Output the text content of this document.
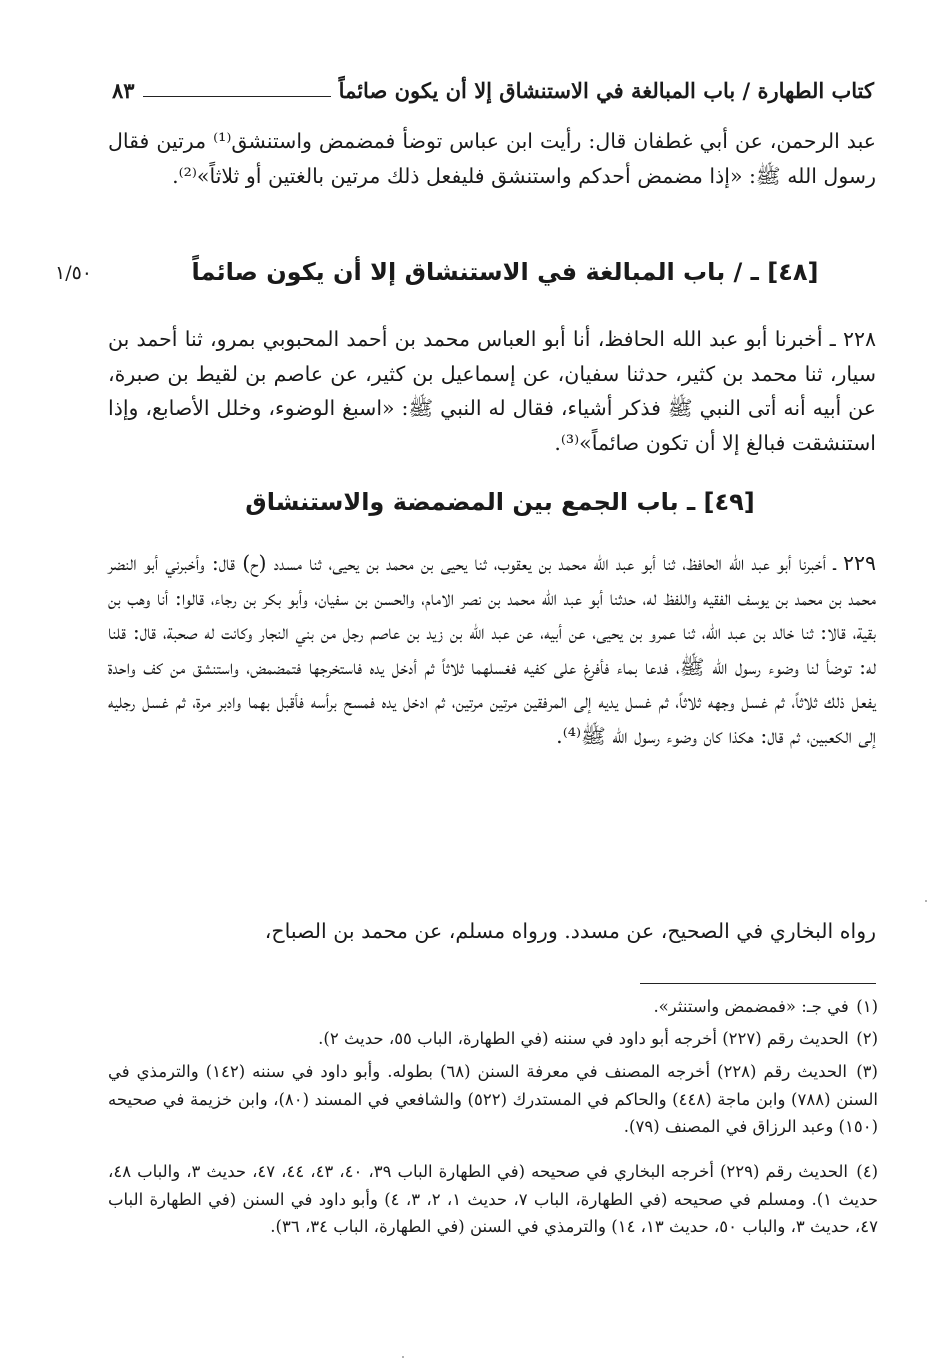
كتاب الطهارة / باب المبالغة في الاستنشاق إلا أن يكون صائماً
٨٣

عبد الرحمن، عن أبي غطفان قال: رأيت ابن عباس توضأ فمضمض واستنشق⁽¹⁾ مرتين فقال رسول الله ﷺ: «إذا مضمض أحدكم واستنشق فليفعل ذلك مرتين بالغتين أو ثلاثاً»⁽²⁾.

١/٥٠	[٤٨] ـ / باب المبالغة في الاستنشاق إلا أن يكون صائماً

٢٢٨ ـ أخبرنا أبو عبد الله الحافظ، أنا أبو العباس محمد بن أحمد المحبوبي بمرو، ثنا أحمد بن سيار، ثنا محمد بن كثير، حدثنا سفيان، عن إسماعيل بن كثير، عن عاصم بن لقيط بن صبرة، عن أبيه أنه أتى النبي ﷺ فذكر أشياء، فقال له النبي ﷺ: «اسبغ الوضوء، وخلل الأصابع، وإذا استنشقت فبالغ إلا أن تكون صائماً»⁽³⁾.

[٤٩] ـ باب الجمع بين المضمضة والاستنشاق

٢٢٩ ـ أخبرنا أبو عبد الله الحافظ، ثنا أبو عبد الله محمد بن يعقوب، ثنا يحيى بن محمد بن يحيى، ثنا مسدد (ح) قال: وأخبرني أبو النضر محمد بن محمد بن يوسف الفقيه واللفظ له، حدثنا أبو عبد الله محمد بن نصر الامام، والحسن بن سفيان، وأبو بكر بن رجاء، قالوا: أنا وهب بن بقية، قالا: ثنا خالد بن عبد الله، ثنا عمرو بن يحيى، عن أبيه، عن عبد الله بن زيد بن عاصم رجل من بني النجار وكانت له صحبة، قال: قلنا له: توضأ لنا وضوء رسول الله ﷺ، فدعا بماء فأفرغ على كفيه فغسلهما ثلاثاً ثم أدخل يده فاستخرجها فتمضمض، واستنشق من كف واحدة يفعل ذلك ثلاثاً، ثم غسل وجهه ثلاثاً، ثم غسل يديه إلى المرفقين مرتين مرتين، ثم ادخل يده فمسح برأسه فأقبل بهما وادبر مرة، ثم غسل رجليه إلى الكعبين، ثم قال: هكذا كان وضوء رسول الله ﷺ⁽⁴⁾.

رواه البخاري في الصحيح، عن مسدد. ورواه مسلم، عن محمد بن الصباح،

(١) في جـ: «فمضمض واستنثر».

(٢) الحديث رقم (٢٢٧) أخرجه أبو داود في سننه (في الطهارة، الباب ٥٥، حديث ٢).

(٣) الحديث رقم (٢٢٨) أخرجه المصنف في معرفة السنن (٦٨) بطوله. وأبو داود في سننه (١٤٢) والترمذي في السنن (٧٨٨) وابن ماجة (٤٤٨) والحاكم في المستدرك (٥٢٢) والشافعي في المسند (٨٠)، وابن خزيمة في صحيحه (١٥٠) وعبد الرزاق في المصنف (٧٩).

(٤) الحديث رقم (٢٢٩) أخرجه البخاري في صحيحه (في الطهارة الباب ٣٩، ٤٠، ٤٣، ٤٤، ٤٧، حديث ٣، والباب ٤٨، حديث ١). ومسلم في صحيحه (في الطهارة، الباب ٧، حديث ١، ٢، ٣، ٤) وأبو داود في السنن (في الطهارة الباب ٤٧، حديث ٣، والباب ٥٠، حديث ١٣، ١٤) والترمذي في السنن (في الطهارة، الباب ٣٤، ٣٦).
